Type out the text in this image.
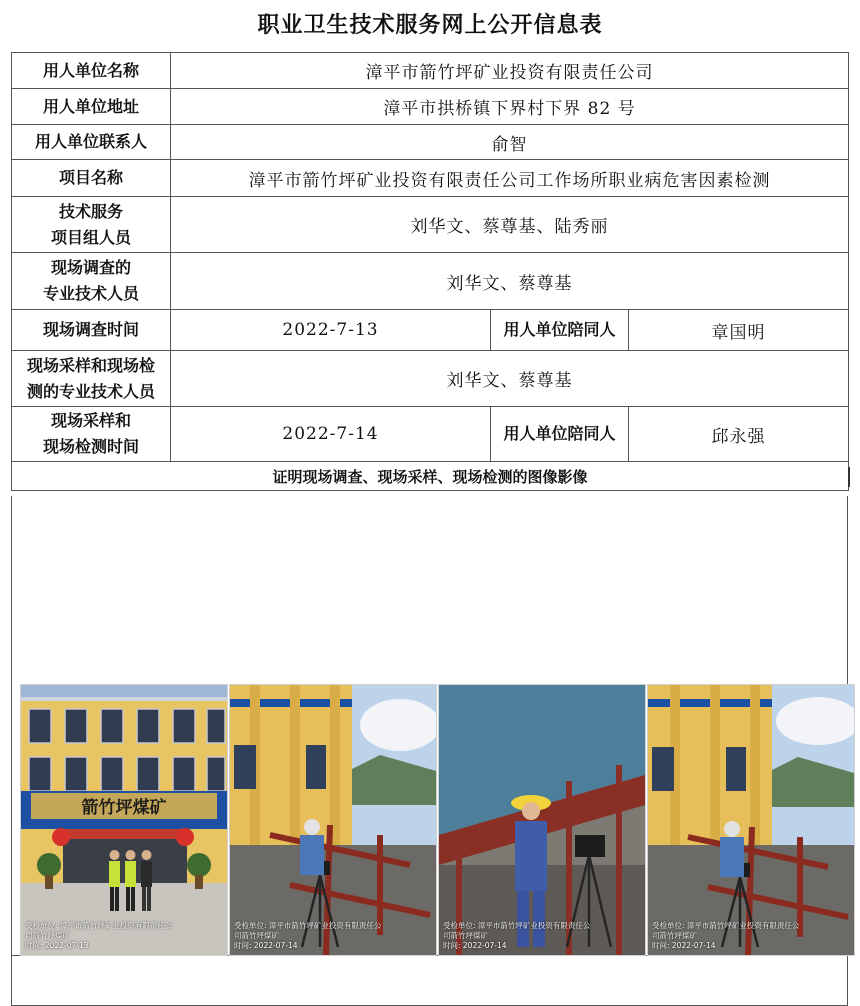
职业卫生技术服务网上公开信息表
用人单位名称	漳平市箭竹坪矿业投资有限责任公司		
用人单位地址	漳平市拱桥镇下界村下界 82 号		
用人单位联系人	俞智		
项目名称	漳平市箭竹坪矿业投资有限责任公司工作场所职业病危害因素检测		

技术服务
项目组人员	刘华文、蔡尊基、陆秀丽		

现场调查的
专业技术人员	刘华文、蔡尊基		
现场调查时间	2022-7-13	用人单位陪同人	章国明

现场采样和现场检
测的专业技术人员	刘华文、蔡尊基		

现场采样和
现场检测时间	2022-7-14	用人单位陪同人	邱永强
证明现场调查、现场采样、现场检测的图像影像			
箭竹坪煤矿
受检单位: 漳平市箭竹坪矿业投资有限责任公
司箭竹坪煤矿
时间: 2022-07-13
受检单位: 漳平市箭竹坪矿业投资有限责任公
司箭竹坪煤矿
时间: 2022-07-14
受检单位: 漳平市箭竹坪矿业投资有限责任公
司箭竹坪煤矿
时间: 2022-07-14
受检单位: 漳平市箭竹坪矿业投资有限责任公
司箭竹坪煤矿
时间: 2022-07-14
